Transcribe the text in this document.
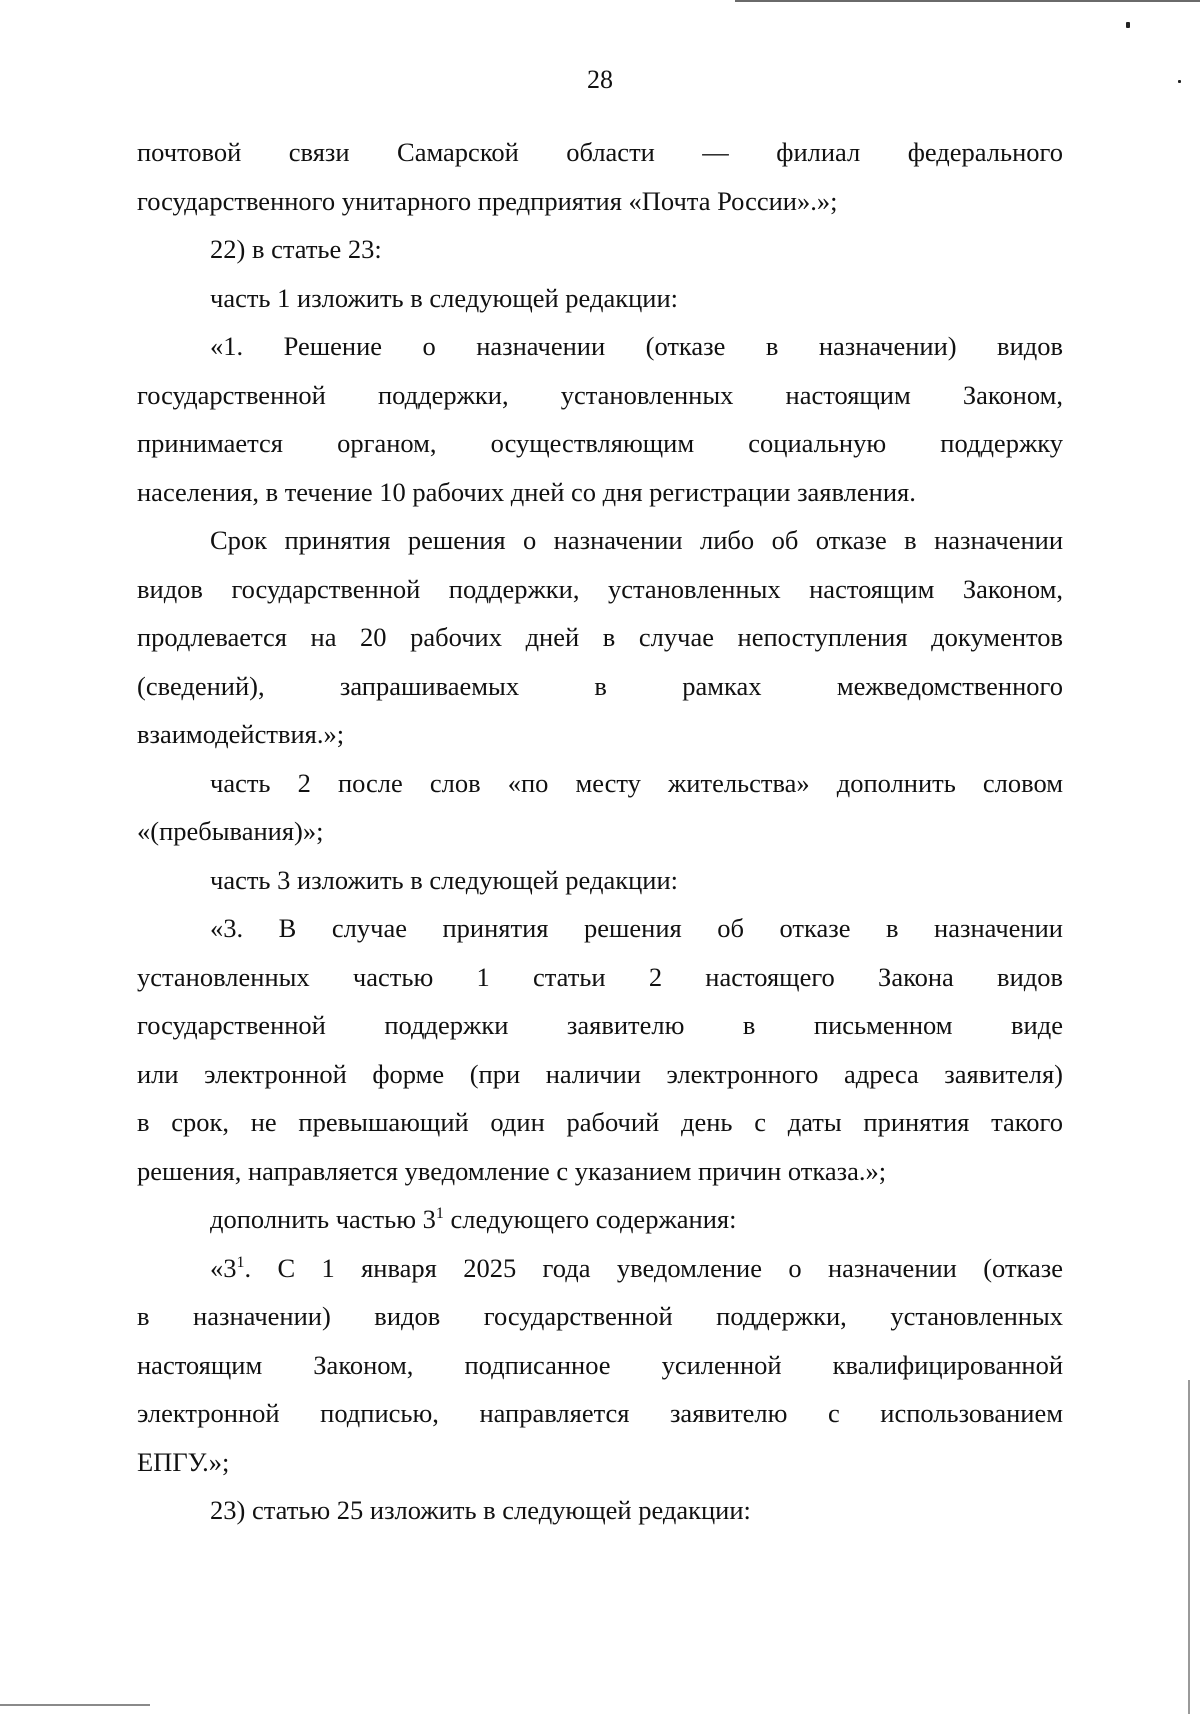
28

почтовой связи Самарской области — филиал федерального

государственного унитарного предприятия «Почта России».»;

22) в статье 23:

часть 1 изложить в следующей редакции:

«1. Решение о назначении (отказе в назначении) видов

государственной поддержки, установленных настоящим Законом,

принимается органом, осуществляющим социальную поддержку

населения, в течение 10 рабочих дней со дня регистрации заявления.

Срок принятия решения о назначении либо об отказе в назначении

видов государственной поддержки, установленных настоящим Законом,

продлевается на 20 рабочих дней в случае непоступления документов

(сведений), запрашиваемых в рамках межведомственного

взаимодействия.»;

часть 2 после слов «по месту жительства» дополнить словом

«(пребывания)»;

часть 3 изложить в следующей редакции:

«3. В случае принятия решения об отказе в назначении

установленных частью 1 статьи 2 настоящего Закона видов

государственной поддержки заявителю в письменном виде

или электронной форме (при наличии электронного адреса заявителя)

в срок, не превышающий один рабочий день с даты принятия такого

решения, направляется уведомление с указанием причин отказа.»;

дополнить частью $3^1$ следующего содержания:

«$3^1$. С 1 января 2025 года уведомление о назначении (отказе

в назначении) видов государственной поддержки, установленных

настоящим Законом, подписанное усиленной квалифицированной

электронной подписью, направляется заявителю с использованием

ЕПГУ.»;

23) статью 25 изложить в следующей редакции:
